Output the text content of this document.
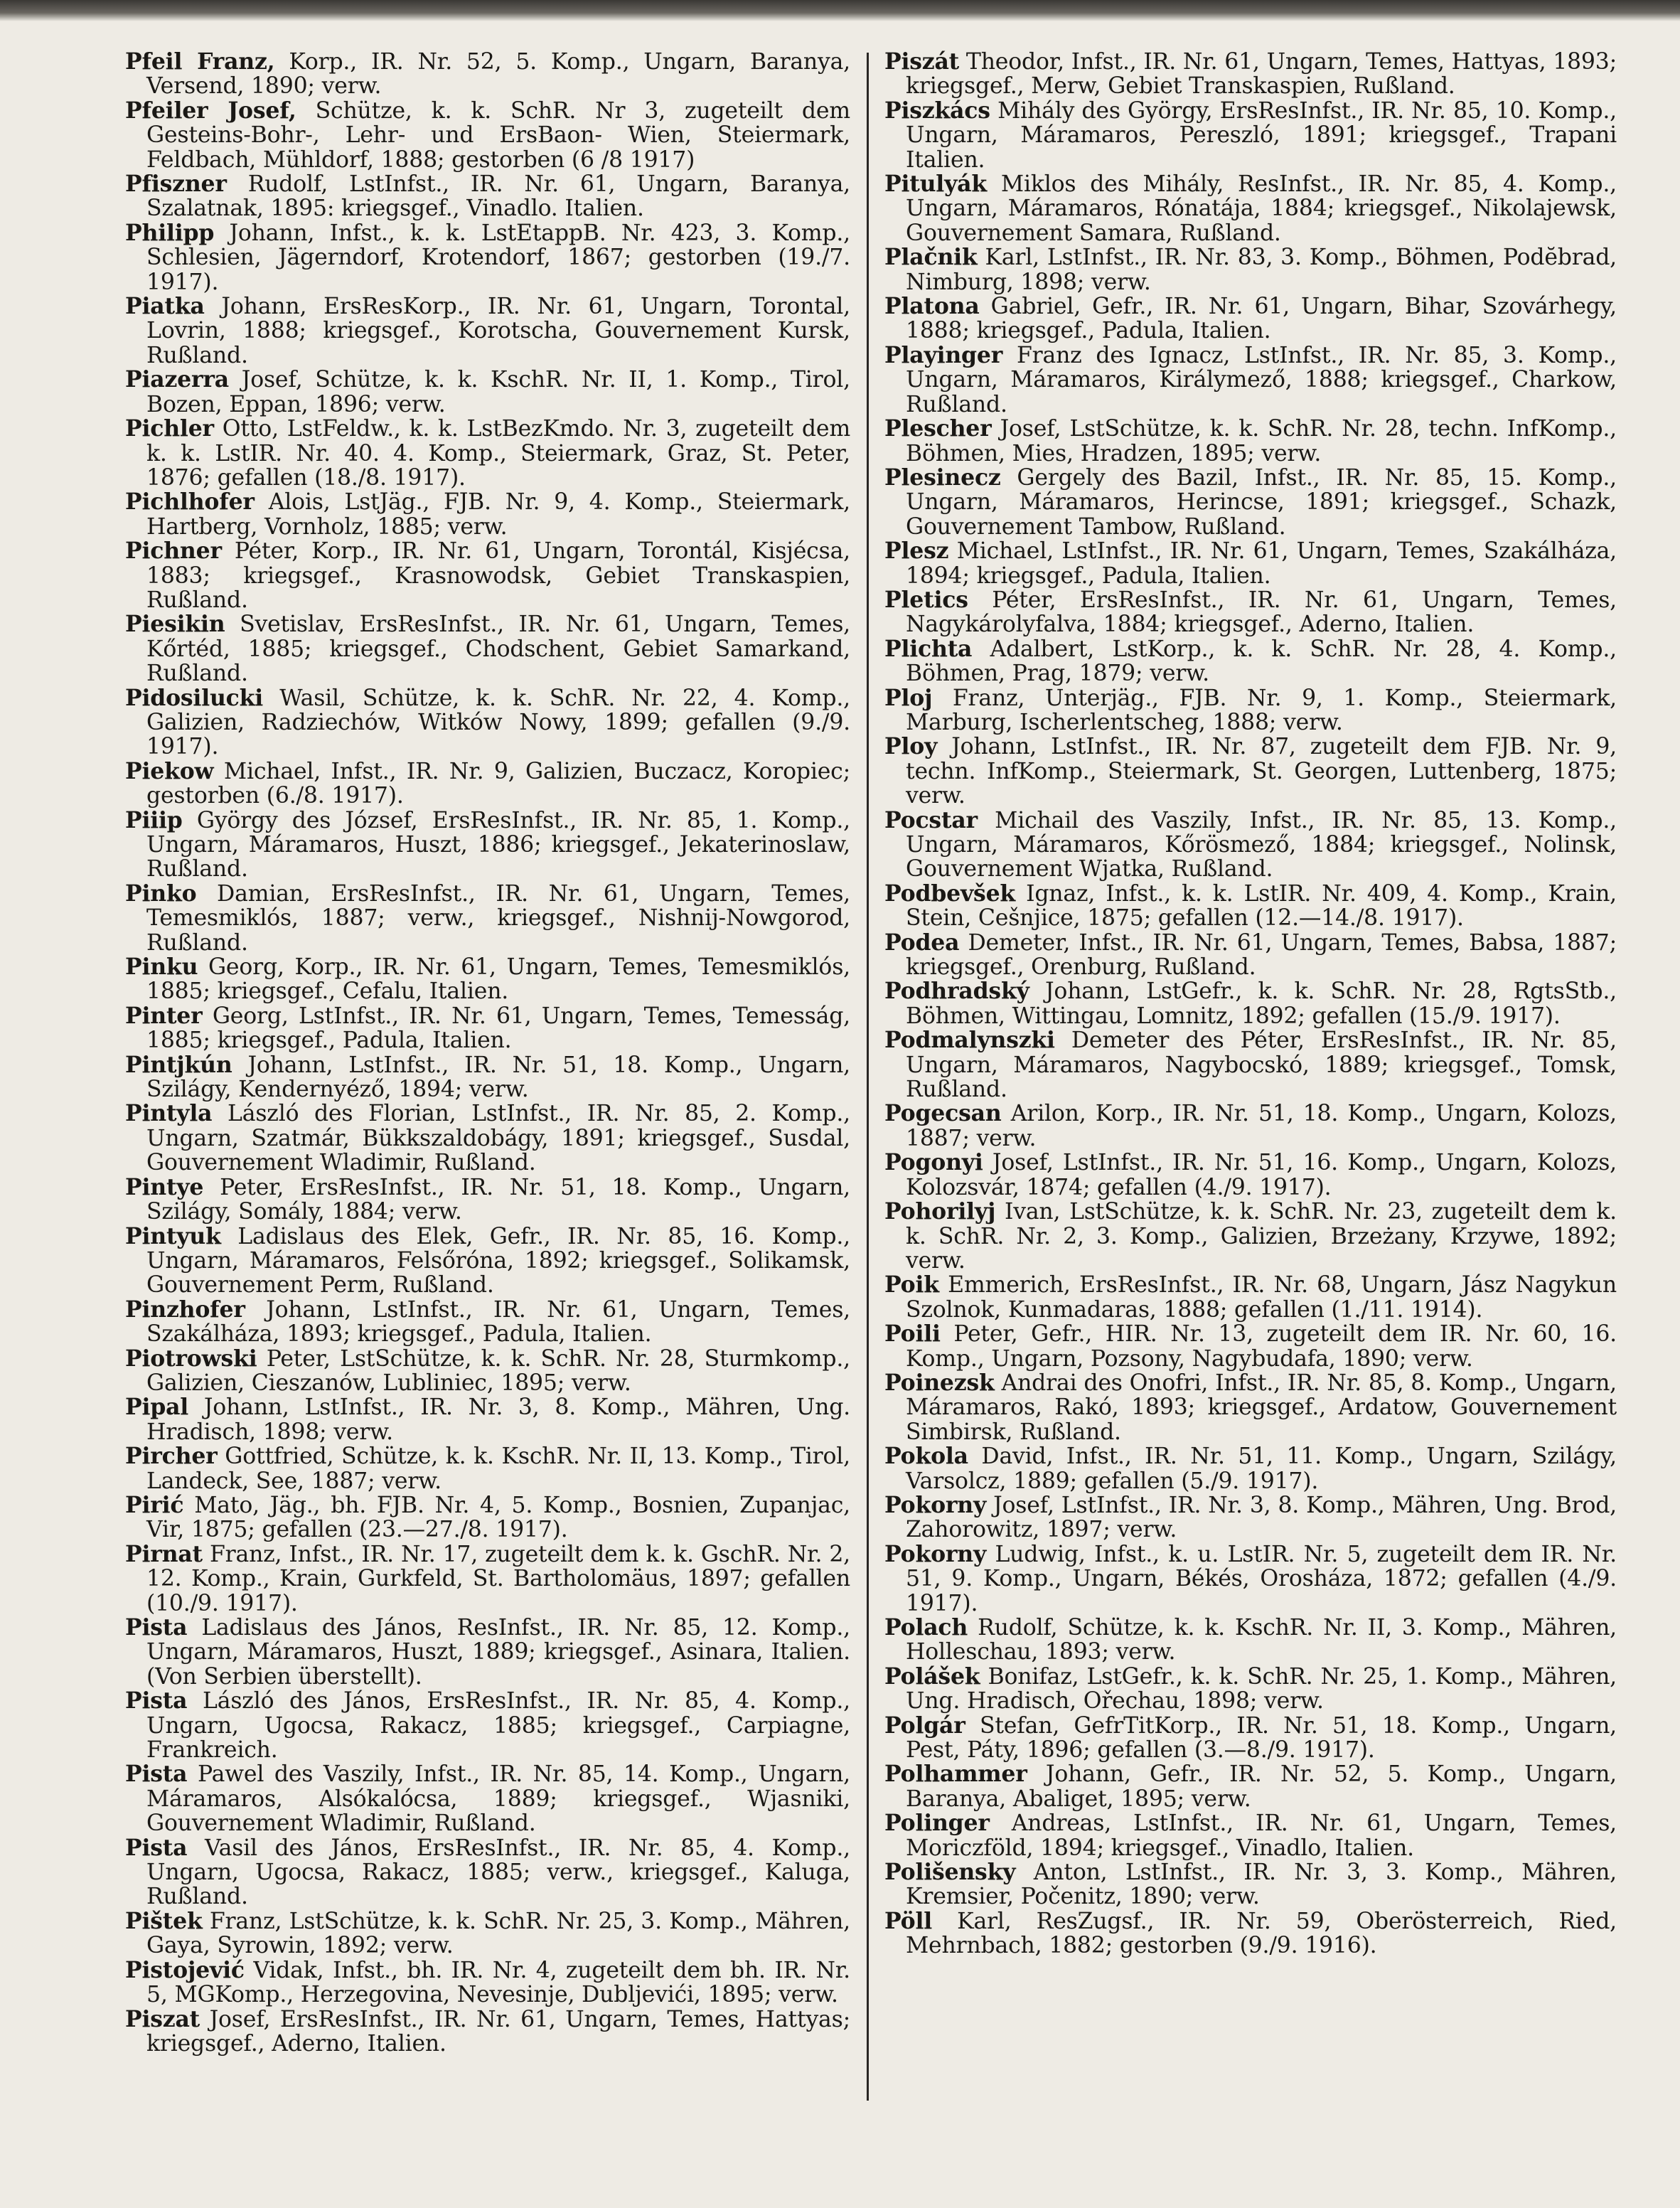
Pfeil Franz, Korp., IR. Nr. 52, 5. Komp., Ungarn, Baranya, Versend, 1890; verw.
Pfeiler Josef, Schütze, k. k. SchR. Nr 3, zugeteilt dem Gesteins-Bohr-, Lehr- und ErsBaon- Wien, Steiermark, Feldbach, Mühldorf, 1888; gestorben (6 /8 1917)
Pfiszner Rudolf, LstInfst., IR. Nr. 61, Ungarn, Baranya, Szalatnak, 1895: kriegsgef., Vinadlo. Italien.
Philipp Johann, Infst., k. k. LstEtappB. Nr. 423, 3. Komp., Schlesien, Jägerndorf, Krotendorf, 1867; gestorben (19./7. 1917).
Piatka Johann, ErsResKorp., IR. Nr. 61, Ungarn, Torontal, Lovrin, 1888; kriegsgef., Korotscha, Gouvernement Kursk, Rußland.
Piazerra Josef, Schütze, k. k. KschR. Nr. II, 1. Komp., Tirol, Bozen, Eppan, 1896; verw.
Pichler Otto, LstFeldw., k. k. LstBezKmdo. Nr. 3, zugeteilt dem k. k. LstIR. Nr. 40. 4. Komp., Steiermark, Graz, St. Peter, 1876; gefallen (18./8. 1917).
Pichlhofer Alois, LstJäg., FJB. Nr. 9, 4. Komp., Steiermark, Hartberg, Vornholz, 1885; verw.
Pichner Péter, Korp., IR. Nr. 61, Ungarn, Torontál, Kisjécsa, 1883; kriegsgef., Krasnowodsk, Gebiet Transkaspien, Rußland.
Piesikin Svetislav, ErsResInfst., IR. Nr. 61, Ungarn, Temes, Kőrtéd, 1885; kriegsgef., Chodschent, Gebiet Samarkand, Rußland.
Pidosilucki Wasil, Schütze, k. k. SchR. Nr. 22, 4. Komp., Galizien, Radziechów, Witków Nowy, 1899; gefallen (9./9. 1917).
Piekow Michael, Infst., IR. Nr. 9, Galizien, Buczacz, Koropiec; gestorben (6./8. 1917).
Piiip György des József, ErsResInfst., IR. Nr. 85, 1. Komp., Ungarn, Máramaros, Huszt, 1886; kriegsgef., Jekaterinoslaw, Rußland.
Pinko Damian, ErsResInfst., IR. Nr. 61, Ungarn, Temes, Temesmiklós, 1887; verw., kriegsgef., Nishnij-Nowgorod, Rußland.
Pinku Georg, Korp., IR. Nr. 61, Ungarn, Temes, Temesmiklós, 1885; kriegsgef., Cefalu, Italien.
Pinter Georg, LstInfst., IR. Nr. 61, Ungarn, Temes, Temesság, 1885; kriegsgef., Padula, Italien.
Pintjkún Johann, LstInfst., IR. Nr. 51, 18. Komp., Ungarn, Szilágy, Kendernyéző, 1894; verw.
Pintyla László des Florian, LstInfst., IR. Nr. 85, 2. Komp., Ungarn, Szatmár, Bükkszaldobágy, 1891; kriegsgef., Susdal, Gouvernement Wladimir, Rußland.
Pintye Peter, ErsResInfst., IR. Nr. 51, 18. Komp., Ungarn, Szilágy, Somály, 1884; verw.
Pintyuk Ladislaus des Elek, Gefr., IR. Nr. 85, 16. Komp., Ungarn, Máramaros, Felsőróna, 1892; kriegsgef., Solikamsk, Gouvernement Perm, Rußland.
Pinzhofer Johann, LstInfst., IR. Nr. 61, Ungarn, Temes, Szakálháza, 1893; kriegsgef., Padula, Italien.
Piotrowski Peter, LstSchütze, k. k. SchR. Nr. 28, Sturmkomp., Galizien, Cieszanów, Lubliniec, 1895; verw.
Pipal Johann, LstInfst., IR. Nr. 3, 8. Komp., Mähren, Ung. Hradisch, 1898; verw.
Pircher Gottfried, Schütze, k. k. KschR. Nr. II, 13. Komp., Tirol, Landeck, See, 1887; verw.
Pirić Mato, Jäg., bh. FJB. Nr. 4, 5. Komp., Bosnien, Zupanjac, Vir, 1875; gefallen (23.—27./8. 1917).
Pirnat Franz, Infst., IR. Nr. 17, zugeteilt dem k. k. GschR. Nr. 2, 12. Komp., Krain, Gurkfeld, St. Bartholomäus, 1897; gefallen (10./9. 1917).
Pista Ladislaus des János, ResInfst., IR. Nr. 85, 12. Komp., Ungarn, Máramaros, Huszt, 1889; kriegsgef., Asinara, Italien. (Von Serbien überstellt).
Pista László des János, ErsResInfst., IR. Nr. 85, 4. Komp., Ungarn, Ugocsa, Rakacz, 1885; kriegsgef., Carpiagne, Frankreich.
Pista Pawel des Vaszily, Infst., IR. Nr. 85, 14. Komp., Ungarn, Máramaros, Alsókalócsa, 1889; kriegsgef., Wjasniki, Gouvernement Wladimir, Rußland.
Pista Vasil des János, ErsResInfst., IR. Nr. 85, 4. Komp., Ungarn, Ugocsa, Rakacz, 1885; verw., kriegsgef., Kaluga, Rußland.
Pištek Franz, LstSchütze, k. k. SchR. Nr. 25, 3. Komp., Mähren, Gaya, Syrowin, 1892; verw.
Pistojević Vidak, Infst., bh. IR. Nr. 4, zugeteilt dem bh. IR. Nr. 5, MGKomp., Herzegovina, Nevesinje, Dubljevići, 1895; verw.
Piszat Josef, ErsResInfst., IR. Nr. 61, Ungarn, Temes, Hattyas; kriegsgef., Aderno, Italien.
Piszát Theodor, Infst., IR. Nr. 61, Ungarn, Temes, Hattyas, 1893; kriegsgef., Merw, Gebiet Transkaspien, Rußland.
Piszkács Mihály des György, ErsResInfst., IR. Nr. 85, 10. Komp., Ungarn, Máramaros, Pereszló, 1891; kriegsgef., Trapani Italien.
Pitulyák Miklos des Mihály, ResInfst., IR. Nr. 85, 4. Komp., Ungarn, Máramaros, Rónatája, 1884; kriegsgef., Nikolajewsk, Gouvernement Samara, Rußland.
Plačnik Karl, LstInfst., IR. Nr. 83, 3. Komp., Böhmen, Podĕbrad, Nimburg, 1898; verw.
Platona Gabriel, Gefr., IR. Nr. 61, Ungarn, Bihar, Szovárhegy, 1888; kriegsgef., Padula, Italien.
Playinger Franz des Ignacz, LstInfst., IR. Nr. 85, 3. Komp., Ungarn, Máramaros, Királymező, 1888; kriegsgef., Charkow, Rußland.
Plescher Josef, LstSchütze, k. k. SchR. Nr. 28, techn. InfKomp., Böhmen, Mies, Hradzen, 1895; verw.
Plesinecz Gergely des Bazil, Infst., IR. Nr. 85, 15. Komp., Ungarn, Máramaros, Herincse, 1891; kriegsgef., Schazk, Gouvernement Tambow, Rußland.
Plesz Michael, LstInfst., IR. Nr. 61, Ungarn, Temes, Szakálháza, 1894; kriegsgef., Padula, Italien.
Pletics Péter, ErsResInfst., IR. Nr. 61, Ungarn, Temes, Nagykárolyfalva, 1884; kriegsgef., Aderno, Italien.
Plichta Adalbert, LstKorp., k. k. SchR. Nr. 28, 4. Komp., Böhmen, Prag, 1879; verw.
Ploj Franz, Unterjäg., FJB. Nr. 9, 1. Komp., Steiermark, Marburg, Ischerlentscheg, 1888; verw.
Ploy Johann, LstInfst., IR. Nr. 87, zugeteilt dem FJB. Nr. 9, techn. InfKomp., Steiermark, St. Georgen, Luttenberg, 1875; verw.
Pocstar Michail des Vaszily, Infst., IR. Nr. 85, 13. Komp., Ungarn, Máramaros, Kőrösmező, 1884; kriegsgef., Nolinsk, Gouvernement Wjatka, Rußland.
Podbevšek Ignaz, Infst., k. k. LstIR. Nr. 409, 4. Komp., Krain, Stein, Cešnjice, 1875; gefallen (12.—14./8. 1917).
Podea Demeter, Infst., IR. Nr. 61, Ungarn, Temes, Babsa, 1887; kriegsgef., Orenburg, Rußland.
Podhradský Johann, LstGefr., k. k. SchR. Nr. 28, RgtsStb., Böhmen, Wittingau, Lomnitz, 1892; gefallen (15./9. 1917).
Podmalynszki Demeter des Péter, ErsResInfst., IR. Nr. 85, Ungarn, Máramaros, Nagybocskó, 1889; kriegsgef., Tomsk, Rußland.
Pogecsan Arilon, Korp., IR. Nr. 51, 18. Komp., Ungarn, Kolozs, 1887; verw.
Pogonyi Josef, LstInfst., IR. Nr. 51, 16. Komp., Ungarn, Kolozs, Kolozsvár, 1874; gefallen (4./9. 1917).
Pohorilyj Ivan, LstSchütze, k. k. SchR. Nr. 23, zugeteilt dem k. k. SchR. Nr. 2, 3. Komp., Galizien, Brzeżany, Krzywe, 1892; verw.
Poik Emmerich, ErsResInfst., IR. Nr. 68, Ungarn, Jász Nagykun Szolnok, Kunmadaras, 1888; gefallen (1./11. 1914).
Poili Peter, Gefr., HIR. Nr. 13, zugeteilt dem IR. Nr. 60, 16. Komp., Ungarn, Pozsony, Nagybudafa, 1890; verw.
Poinezsk Andrai des Onofri, Infst., IR. Nr. 85, 8. Komp., Ungarn, Máramaros, Rakó, 1893; kriegsgef., Ardatow, Gouvernement Simbirsk, Rußland.
Pokola David, Infst., IR. Nr. 51, 11. Komp., Ungarn, Szilágy, Varsolcz, 1889; gefallen (5./9. 1917).
Pokorny Josef, LstInfst., IR. Nr. 3, 8. Komp., Mähren, Ung. Brod, Zahorowitz, 1897; verw.
Pokorny Ludwig, Infst., k. u. LstIR. Nr. 5, zugeteilt dem IR. Nr. 51, 9. Komp., Ungarn, Békés, Orosháza, 1872; gefallen (4./9. 1917).
Polach Rudolf, Schütze, k. k. KschR. Nr. II, 3. Komp., Mähren, Holleschau, 1893; verw.
Polášek Bonifaz, LstGefr., k. k. SchR. Nr. 25, 1. Komp., Mähren, Ung. Hradisch, Ořechau, 1898; verw.
Polgár Stefan, GefrTitKorp., IR. Nr. 51, 18. Komp., Ungarn, Pest, Páty, 1896; gefallen (3.—8./9. 1917).
Polhammer Johann, Gefr., IR. Nr. 52, 5. Komp., Ungarn, Baranya, Abaliget, 1895; verw.
Polinger Andreas, LstInfst., IR. Nr. 61, Ungarn, Temes, Moriczföld, 1894; kriegsgef., Vinadlo, Italien.
Polišensky Anton, LstInfst., IR. Nr. 3, 3. Komp., Mähren, Kremsier, Počenitz, 1890; verw.
Pöll Karl, ResZugsf., IR. Nr. 59, Oberösterreich, Ried, Mehrnbach, 1882; gestorben (9./9. 1916).
